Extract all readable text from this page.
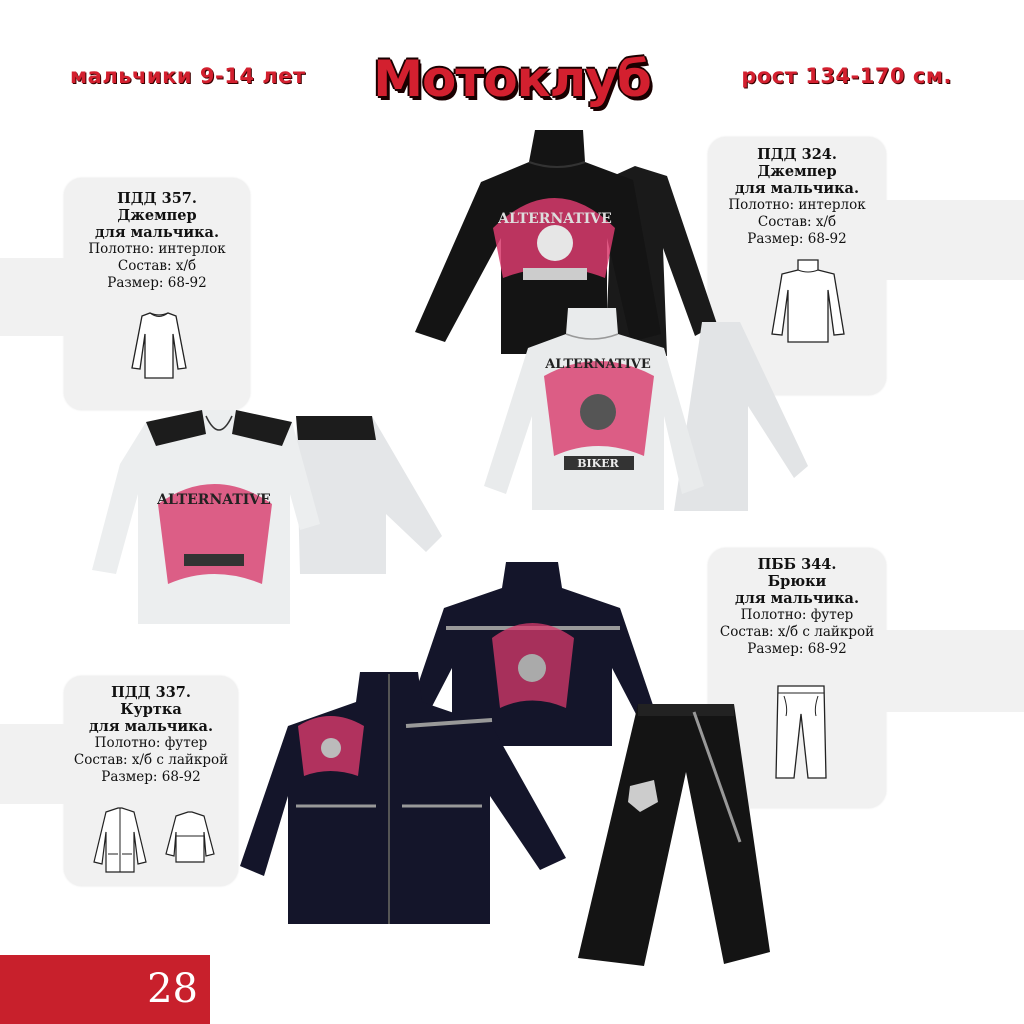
мальчики 9-14 лет	Мотоклуб	рост 134-170 см.
ПДД 357.
Джемпер
для мальчика.
Полотно: интерлок
Состав: х/б
Размер: 68-92
ПДД 324.
Джемпер
для мальчика.
Полотно: интерлок
Состав: х/б
Размер: 68-92
ПББ 344.
Брюки
для мальчика.
Полотно: футер
Состав: х/б с лайкрой
Размер: 68-92
ПДД 337.
Куртка
для мальчика.
Полотно: футер
Состав: х/б с лайкрой
Размер: 68-92
ALTERNATIVE
ALTERNATIVE
BIKER
ALTERNATIVE
28
